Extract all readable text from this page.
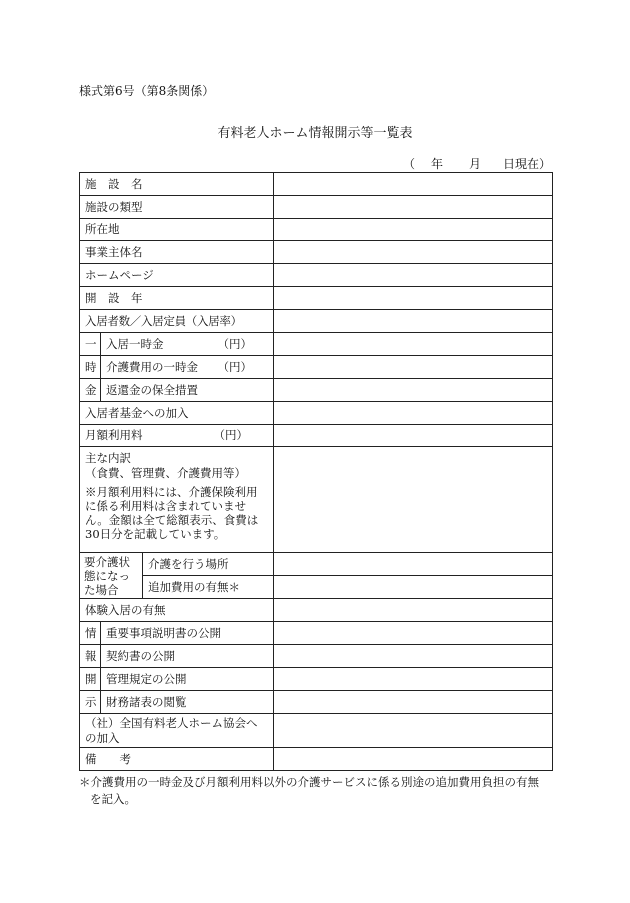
様式第6号（第8条関係）
有料老人ホーム情報開示等一覧表
（ 年 月 日現在）
施　設　名			
施設の類型			
所在地			
事業主体名			
ホームページ			
開　設　年			
入居者数／入居定員（入居率）			
一	入居一時金 （円）		

時	介護費用の一時金 （円）		

金	返還金の保全措置		
入居者基金への加入			
月額利用料 （円）			

主な内訳
（食費、管理費、介護費用等）
※月額利用料には、介護保険利用に係る利用料は含まれていません。金額は全て総額表示、食費は30日分を記載しています。			

要介護状態になった場合		介護を行う場所	
		追加費用の有無＊	
体験入居の有無			
情	重要事項説明書の公開		
報	契約書の公開		
開	管理規定の公開		
示	財務諸表の閲覧		
（社）全国有料老人ホーム協会への加入			
備　　考			
＊介護費用の一時金及び月額利用料以外の介護サービスに係る別途の追加費用負担の有無
を記入。
